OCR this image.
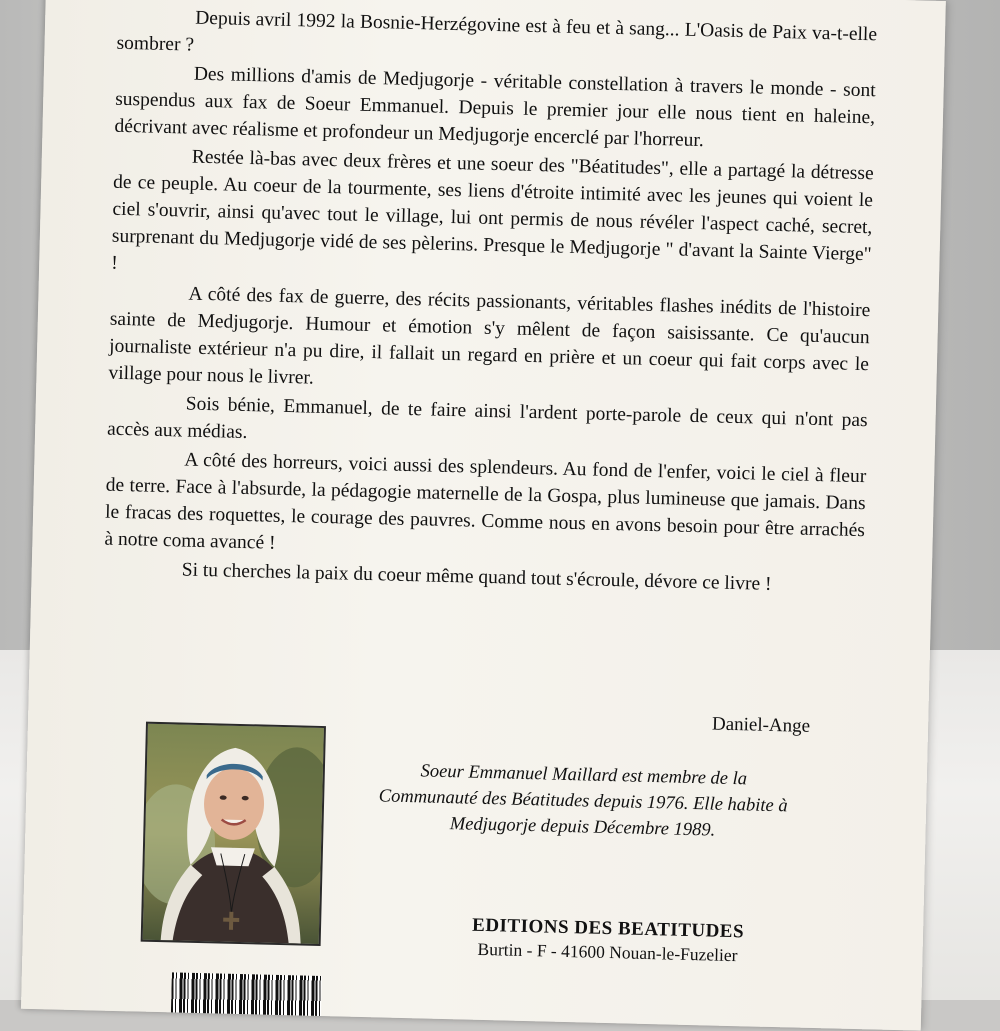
Depuis avril 1992 la Bosnie-Herzégovine est à feu et à sang... L'Oasis de Paix va-t-elle sombrer ?

Des millions d'amis de Medjugorje - véritable constellation à travers le monde - sont suspendus aux fax de Soeur Emmanuel. Depuis le premier jour elle nous tient en haleine, décrivant avec réalisme et profondeur un Medjugorje encerclé par l'horreur.

Restée là-bas avec deux frères et une soeur des "Béatitudes", elle a partagé la détresse de ce peuple. Au coeur de la tourmente, ses liens d'étroite intimité avec les jeunes qui voient le ciel s'ouvrir, ainsi qu'avec tout le village, lui ont permis de nous révéler l'aspect caché, secret, surprenant du Medjugorje vidé de ses pèlerins. Presque le Medjugorje " d'avant la Sainte Vierge" !

A côté des fax de guerre, des récits passionants, véritables flashes inédits de l'histoire sainte de Medjugorje. Humour et émotion s'y mêlent de façon saisissante. Ce qu'aucun journaliste extérieur n'a pu dire, il fallait un regard en prière et un coeur qui fait corps avec le village pour nous le livrer.

Sois bénie, Emmanuel, de te faire ainsi l'ardent porte-parole de ceux qui n'ont pas accès aux médias.

A côté des horreurs, voici aussi des splendeurs. Au fond de l'enfer, voici le ciel à fleur de terre. Face à l'absurde, la pédagogie maternelle de la Gospa, plus lumineuse que jamais. Dans le fracas des roquettes, le courage des pauvres. Comme nous en avons besoin pour être arrachés à notre coma avancé !

Si tu cherches la paix du coeur même quand tout s'écroule, dévore ce livre !

Daniel-Ange
Soeur Emmanuel Maillard est membre de la Communauté des Béatitudes depuis 1976. Elle habite à Medjugorje depuis Décembre 1989.
EDITIONS DES BEATITUDES
Burtin - F - 41600 Nouan-le-Fuzelier
